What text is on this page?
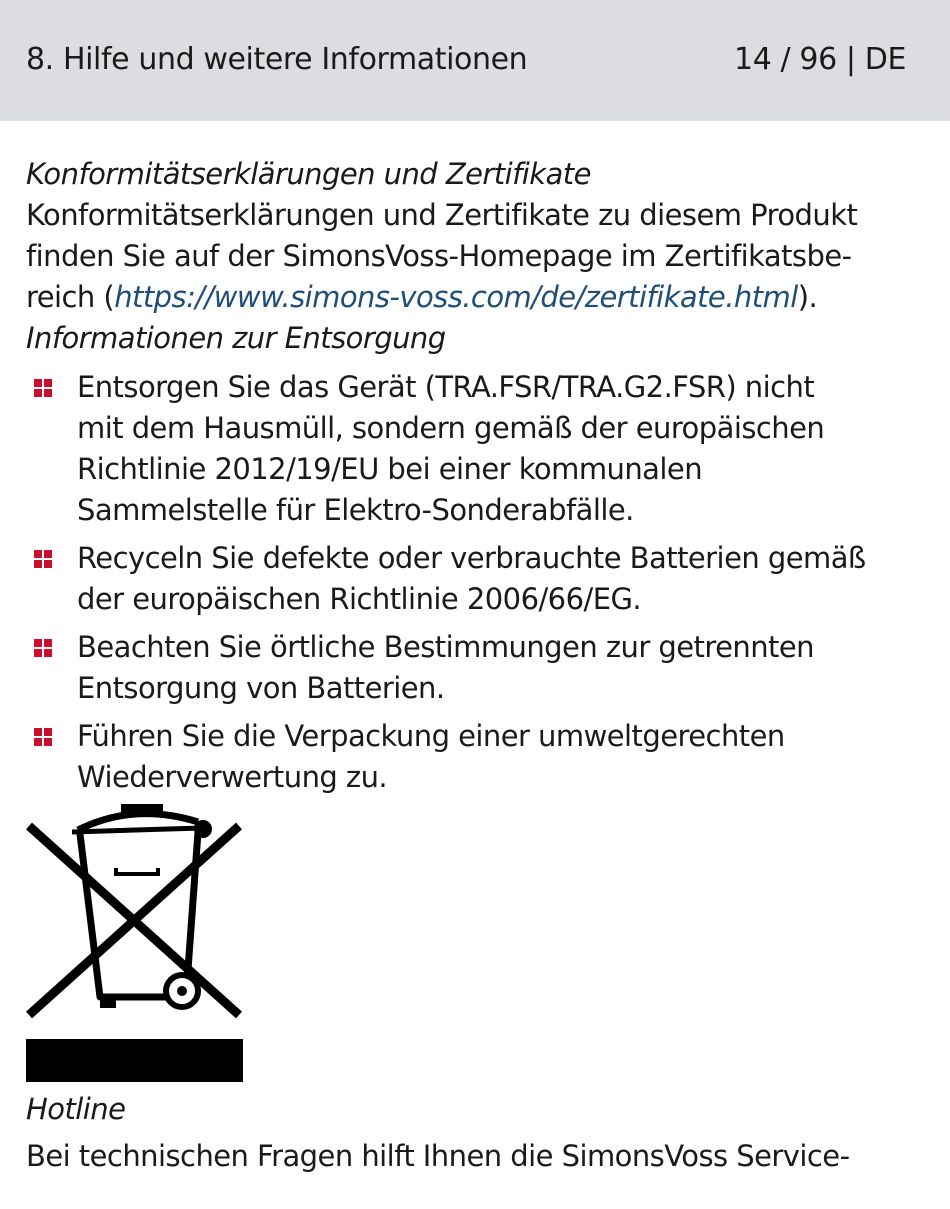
8. Hilfe und weitere Informationen	14 / 96 | DE

Konformitätserklärungen und Zertifikate

Konformitätserklärungen und Zertifikate zu diesem Produkt
finden Sie auf der SimonsVoss-Homepage im Zertifikatsbe-
reich (https://www.simons-voss.com/de/zertifikate.html).

Informationen zur Entsorgung

Entsorgen Sie das Gerät (TRA.FSR/TRA.G2.FSR) nicht
mit dem Hausmüll, sondern gemäß der europäischen
Richtlinie 2012/19/EU bei einer kommunalen
Sammelstelle für Elektro-Sonderabfälle.
Recyceln Sie defekte oder verbrauchte Batterien gemäß
der europäischen Richtlinie 2006/66/EG.
Beachten Sie örtliche Bestimmungen zur getrennten
Entsorgung von Batterien.
Führen Sie die Verpackung einer umweltgerechten
Wiederverwertung zu.
Hotline
Bei technischen Fragen hilft Ihnen die SimonsVoss Service-
